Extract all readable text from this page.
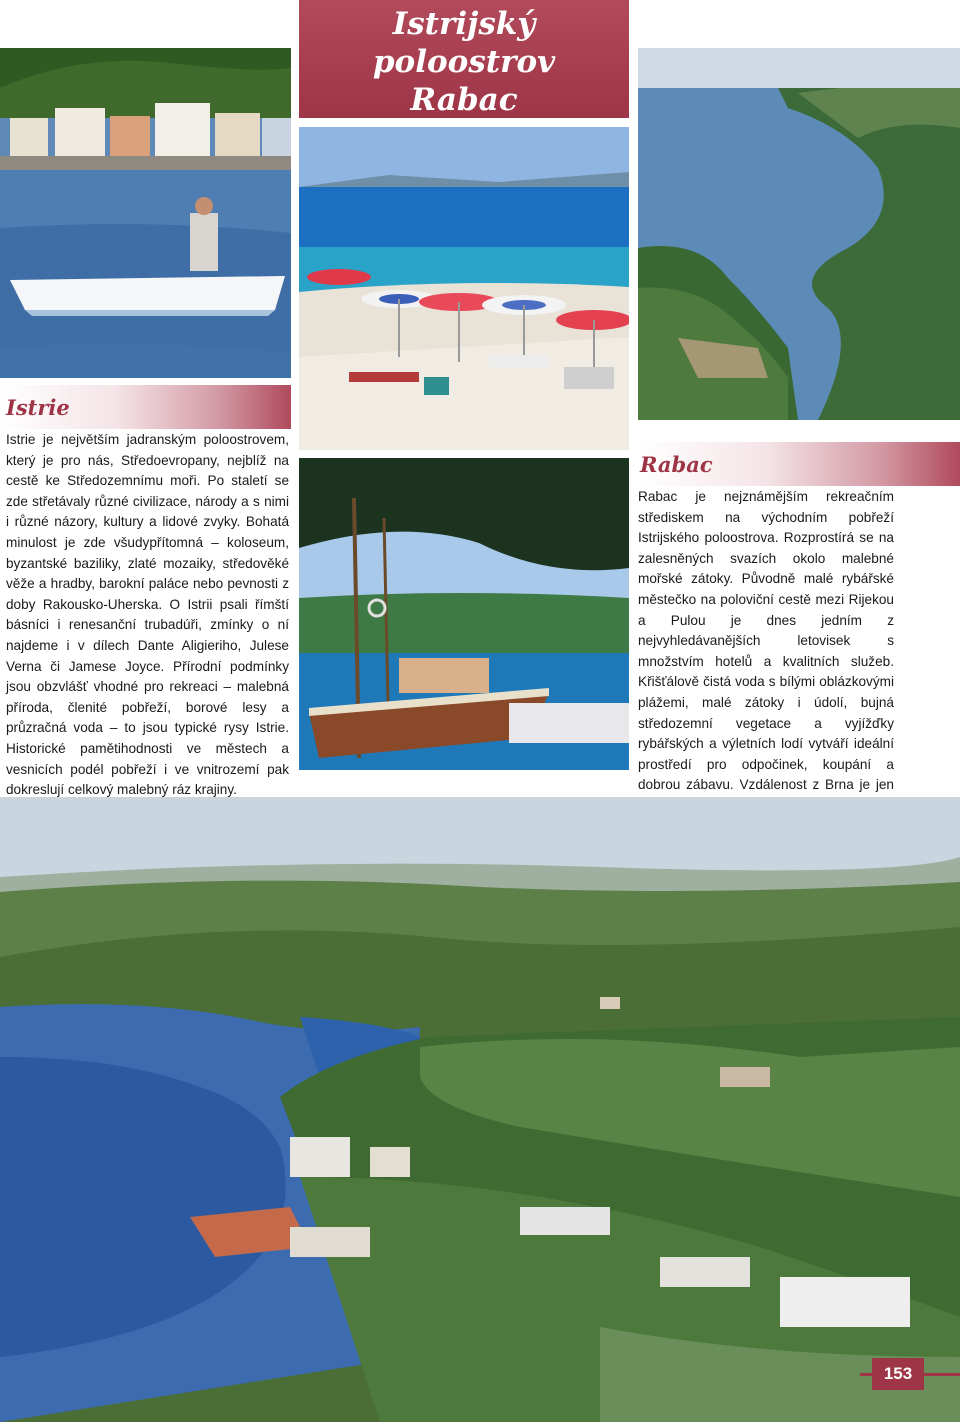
Istrijský poloostrov
Rabac
Istrie

Istrie je největším jadranským poloostrovem, který je pro nás, Středoevropany, nejblíž na cestě ke Středozemnímu moři. Po staletí se zde střetávaly různé civilizace, národy a s nimi i různé názory, kultury a lidové zvyky. Bohatá minulost je zde všudypřítomná – koloseum, byzantské baziliky, zlaté mozaiky, středověké věže a hradby, barokní paláce nebo pevnosti z doby Rakousko-Uherska. O Istrii psali římští básníci i renesanční trubadúři, zmínky o ní najdeme i v dílech Dante Aligieriho, Julese Verna či Jamese Joyce. Přírodní podmínky jsou obzvlášť vhodné pro rekreaci – malebná příroda, členité pobřeží, borové lesy a průzračná voda – to jsou typické rysy Istrie. Historické pamětihodnosti ve městech a vesnicích podél pobřeží i ve vnitrozemí pak dokreslují celkový malebný ráz krajiny.

Rabac

Rabac je nejznámějším rekreačním střediskem na východním pobřeží Istrijského poloostrova. Rozprostírá se na zalesněných svazích okolo malebné mořské zátoky. Původně malé rybářské městečko na poloviční cestě mezi Rijekou a Pulou je dnes jedním z nejvyhledávanějších letovisek s množstvím hotelů a kvalitních služeb. Křišťálově čistá voda s bílými oblázkovými plážemi, malé zátoky i údolí, bujná středozemní vegetace a vyjížďky rybářských a výletních lodí vytváří ideální prostředí pro odpočinek, koupání a dobrou zábavu. Vzdálenost z Brna je jen

153
